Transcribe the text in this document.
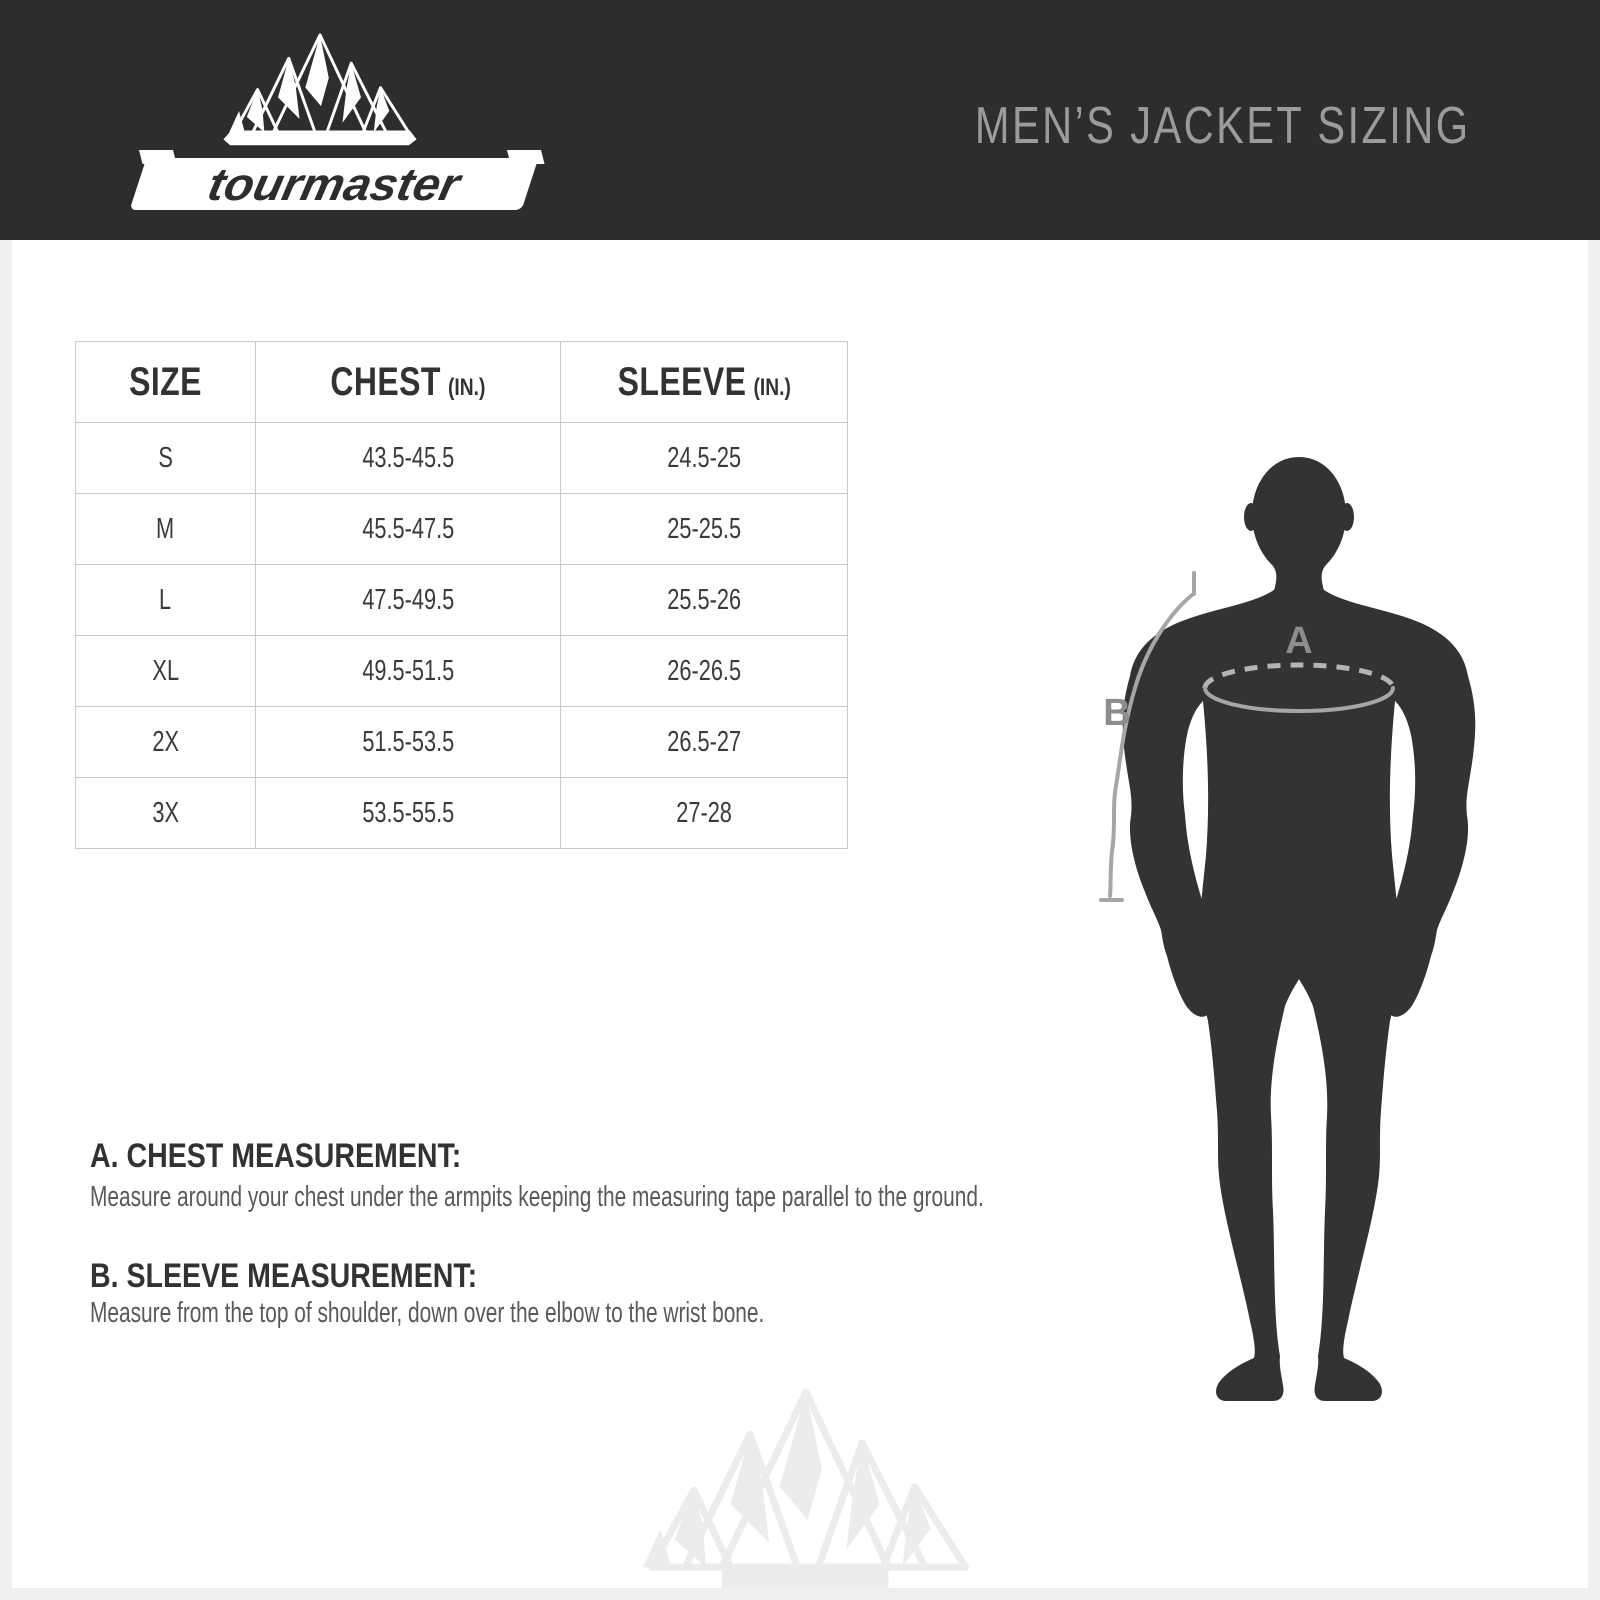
tourmaster
MEN’S JACKET SIZING
SIZE	CHEST (IN.)	SLEEVE (IN.)
S	43.5-45.5	24.5-25
M	45.5-47.5	25-25.5
L	47.5-49.5	25.5-26
XL	49.5-51.5	26-26.5
2X	51.5-53.5	26.5-27
3X	53.5-55.5	27-28
A
B
A. CHEST MEASUREMENT:

Measure around your chest under the armpits keeping the measuring tape parallel to the ground.

B. SLEEVE MEASUREMENT:

Measure from the top of shoulder, down over the elbow to the wrist bone.
